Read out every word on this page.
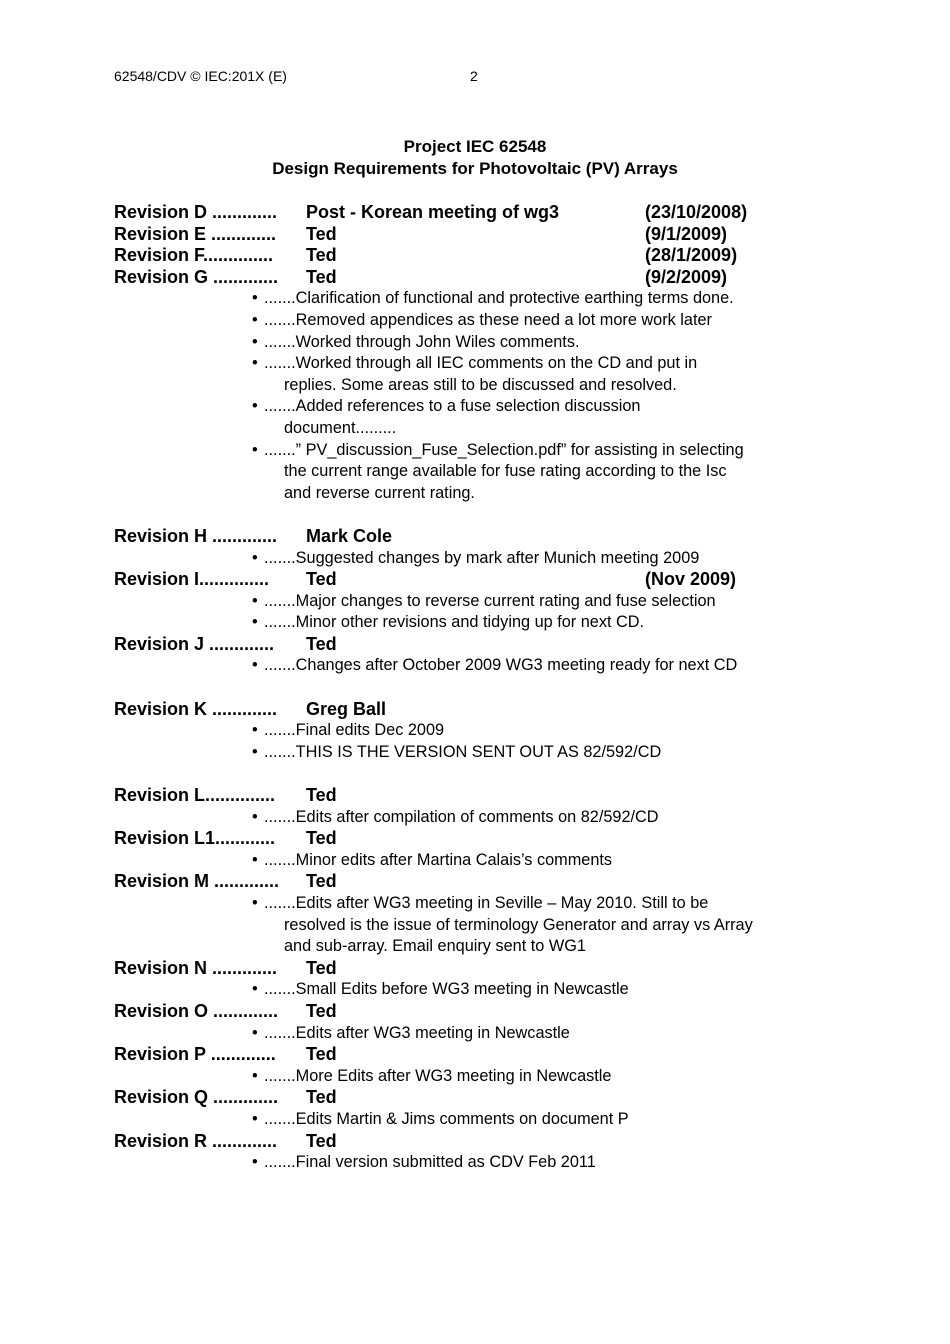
62548/CDV © IEC:201X (E)	2
Project IEC 62548
Design Requirements for Photovoltaic (PV) Arrays
Revision D .............  Post - Korean meeting of wg3	(23/10/2008)
Revision E ............. Ted	(9/1/2009)
Revision F.............. Ted	(28/1/2009)
Revision G ............. Ted	(9/2/2009)
• .......Clarification of functional and protective earthing terms done.
• .......Removed appendices as these need a lot more work later
• .......Worked through John Wiles comments.
• .......Worked through all IEC comments on the CD and put in
replies. Some areas still to be discussed and resolved.
• .......Added references to a fuse selection discussion
document.........
• .......” PV_discussion_Fuse_Selection.pdf” for assisting in selecting
the current range available for fuse rating according to the Isc
and reverse current rating.
Revision H ............. Mark Cole
• .......Suggested changes by mark after Munich meeting 2009
Revision I.............. Ted	(Nov 2009)
• .......Major changes to reverse current rating and fuse selection
• .......Minor other revisions and tidying up for next CD.
Revision J ............. Ted
• .......Changes after October 2009 WG3 meeting ready for next CD
Revision K ............. Greg Ball
• .......Final edits Dec 2009
• .......THIS IS THE VERSION SENT OUT AS 82/592/CD
Revision L.............. Ted
• .......Edits after compilation of comments on 82/592/CD
Revision L1............ Ted
• .......Minor edits after Martina Calais’s comments
Revision M ............. Ted
• .......Edits after WG3 meeting in Seville – May 2010. Still to be
resolved is the issue of terminology Generator and array vs Array
and sub-array. Email enquiry sent to WG1
Revision N ............. Ted
• .......Small Edits before WG3 meeting in Newcastle
Revision O ............. Ted
• .......Edits after WG3 meeting in Newcastle
Revision P ............. Ted
• .......More Edits after WG3 meeting in Newcastle
Revision Q ............. Ted
• .......Edits Martin & Jims comments on document P
Revision R ............. Ted
• .......Final version submitted as CDV Feb 2011
